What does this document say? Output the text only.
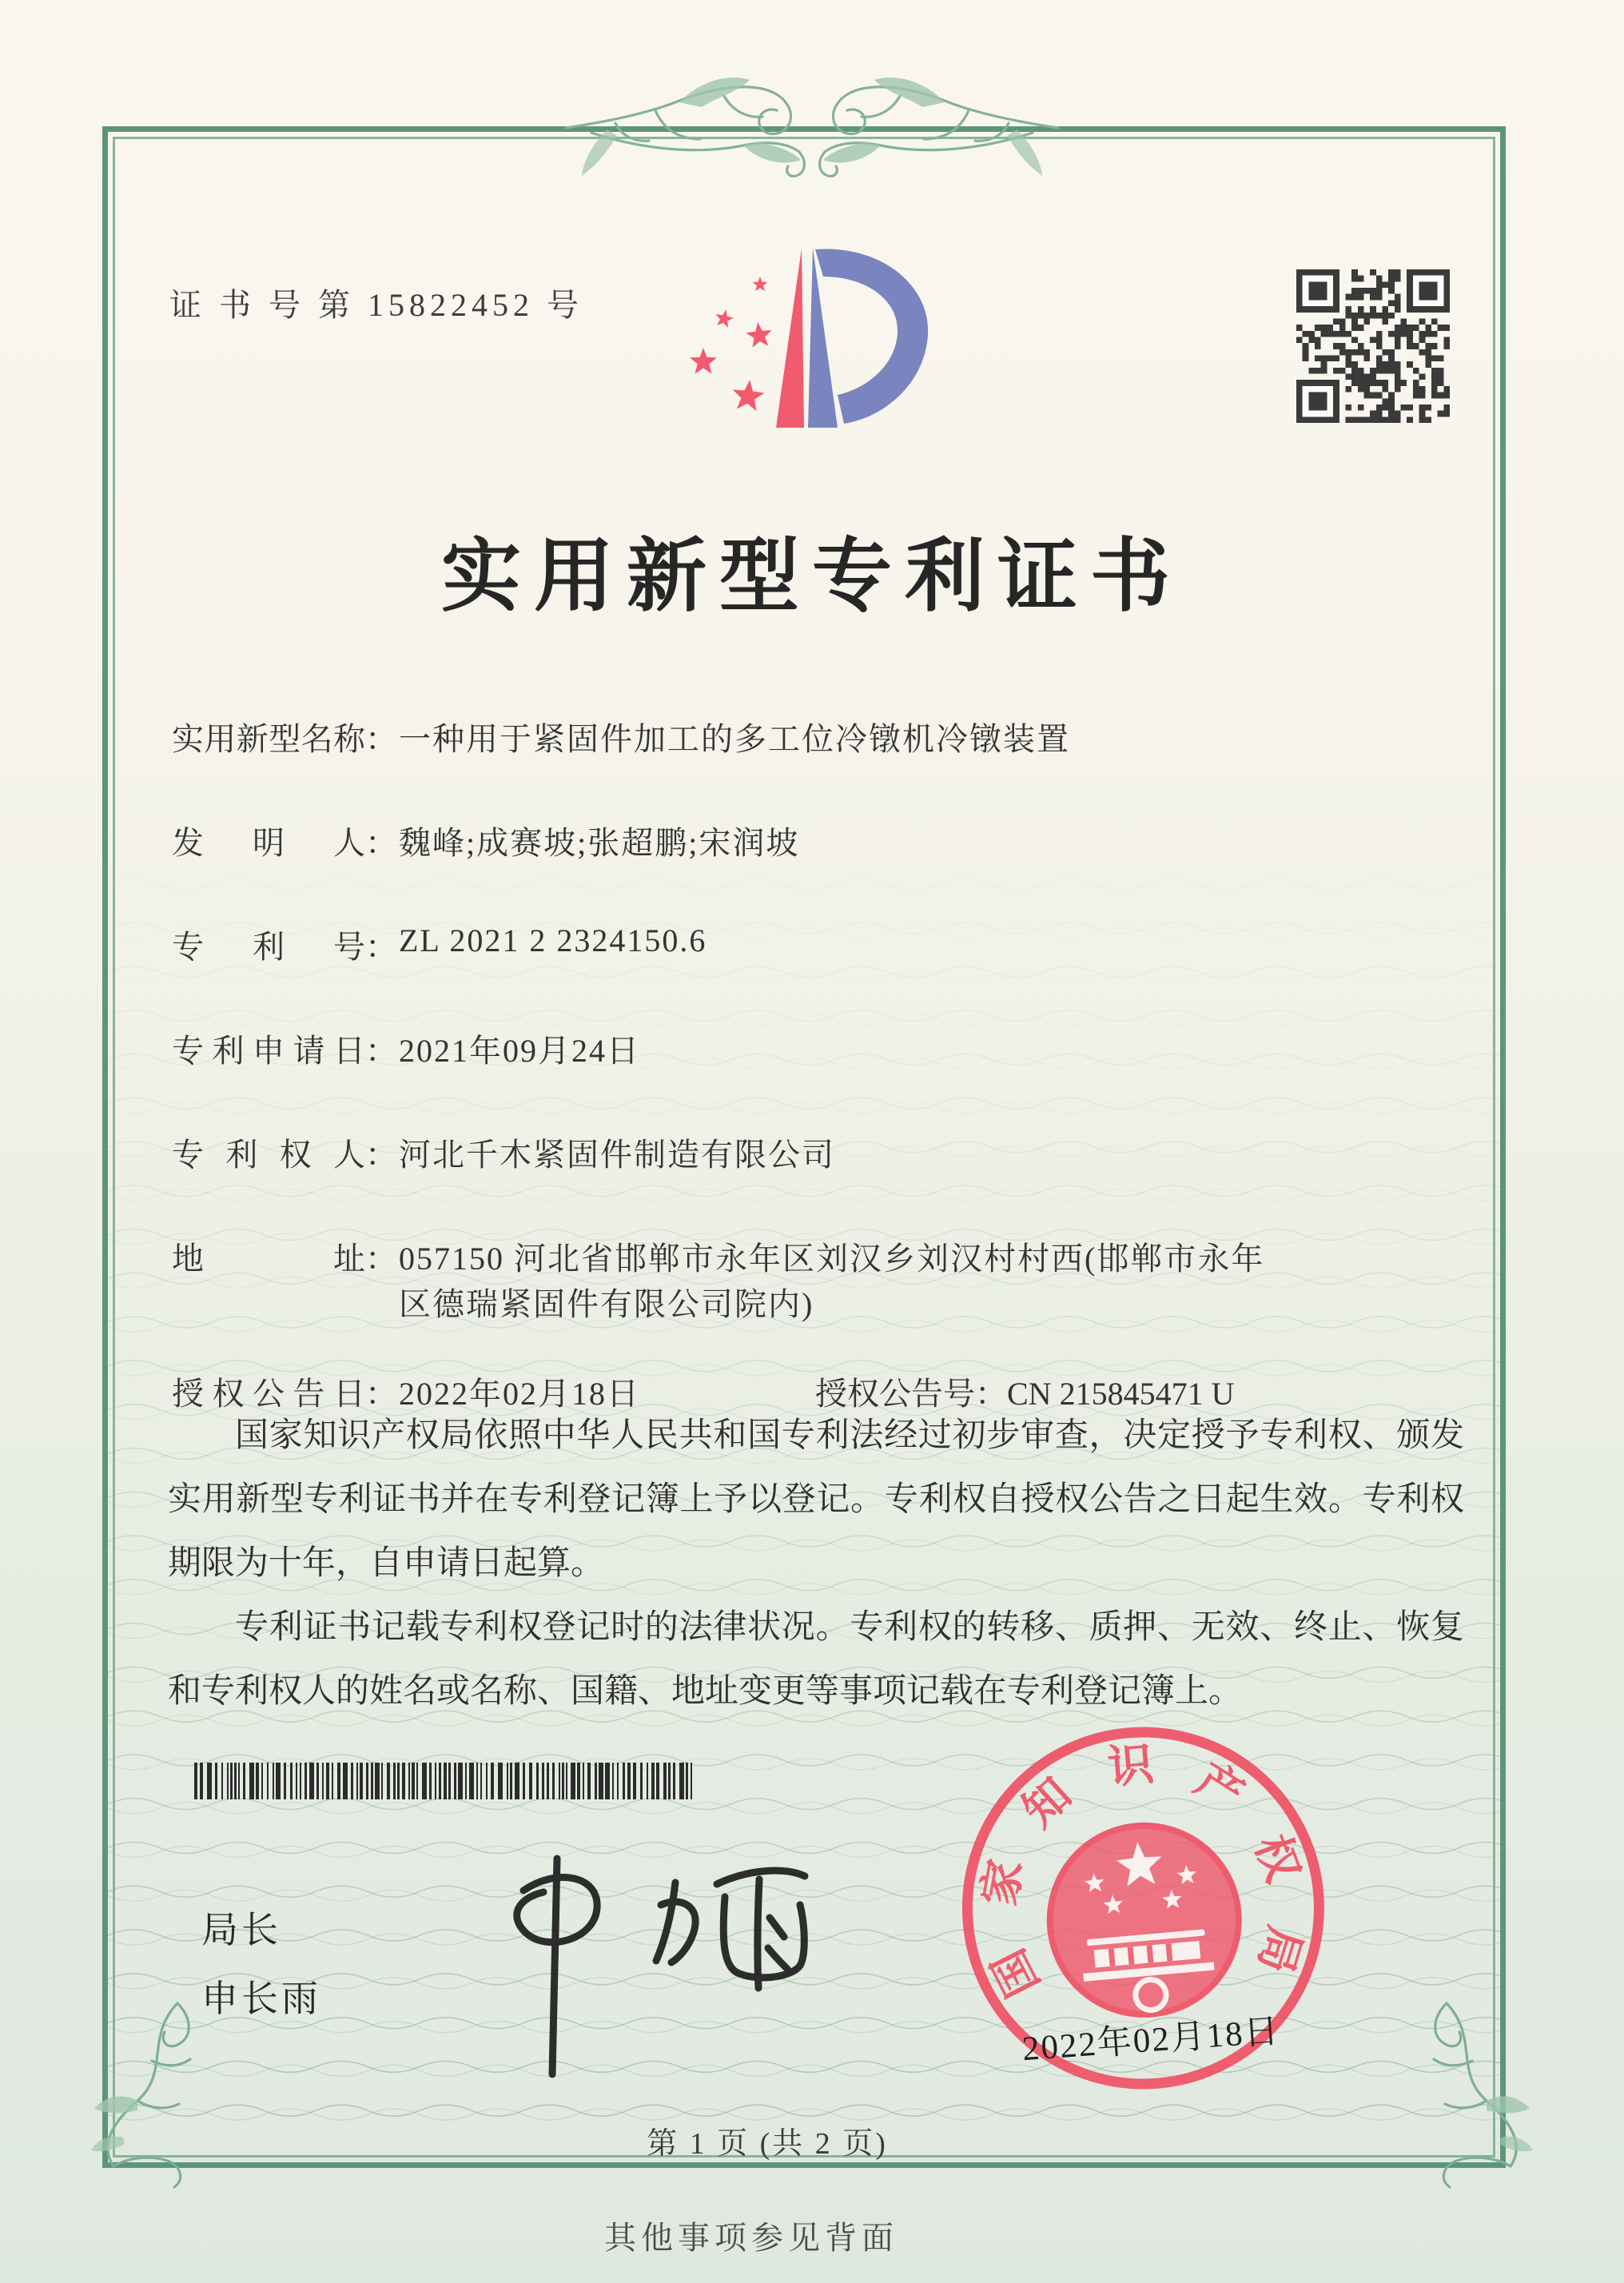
证 书 号 第 15822452 号
实用新型专利证书
实用新型名称：一种用于紧固件加工的多工位冷镦机冷镦装置
发明人：魏峰;成赛坡;张超鹏;宋润坡
专利号：ZL 2021 2 2324150.6
专利申请日：2021年09月24日
专利权人：河北千木紧固件制造有限公司
地址：057150 河北省邯郸市永年区刘汉乡刘汉村村西(邯郸市永年区德瑞紧固件有限公司院内)
授权公告日：2022年02月18日	授权公告号：CN 215845471 U

国家知识产权局依照中华人民共和国专利法经过初步审查，决定授予专利权、颁发实用新型专利证书并在专利登记簿上予以登记。专利权自授权公告之日起生效。专利权期限为十年，自申请日起算。

专利证书记载专利权登记时的法律状况。专利权的转移、质押、无效、终止、恢复和专利权人的姓名或名称、国籍、地址变更等事项记载在专利登记簿上。

局长
申长雨	国
家
知
识 产
权
局
2022年02月18日
第 1 页 (共 2 页)
其他事项参见背面
